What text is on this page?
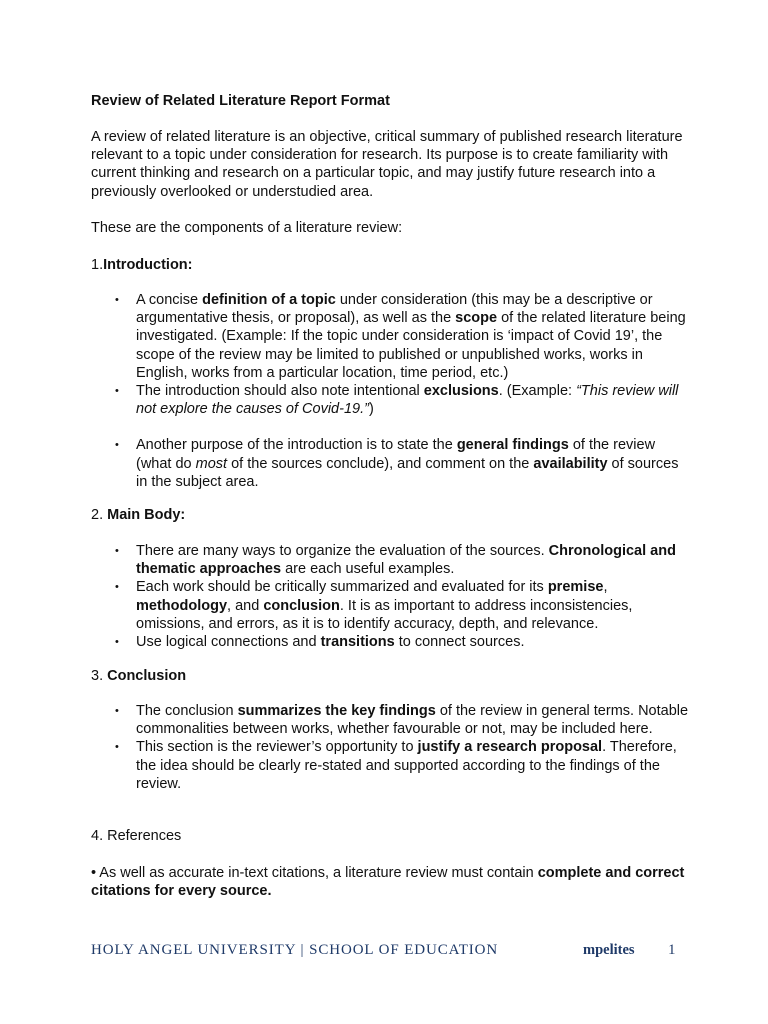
Review of Related Literature Report Format
A review of related literature is an objective, critical summary of published research literature relevant to a topic under consideration for research. Its purpose is to create familiarity with current thinking and research on a particular topic, and may justify future research into a previously overlooked or understudied area.
These are the components of a literature review:
1.Introduction:
• A concise definition of a topic under consideration (this may be a descriptive or argumentative thesis, or proposal), as well as the scope of the related literature being investigated. (Example: If the topic under consideration is ‘impact of Covid 19’, the scope of the review may be limited to published or unpublished works, works in English, works from a particular location, time period, etc.)
• The introduction should also note intentional exclusions. (Example: “This review will not explore the causes of Covid-19.”)
• Another purpose of the introduction is to state the general findings of the review (what do most of the sources conclude), and comment on the availability of sources in the subject area.
2. Main Body:
• There are many ways to organize the evaluation of the sources. Chronological and thematic approaches are each useful examples.
• Each work should be critically summarized and evaluated for its premise, methodology, and conclusion. It is as important to address inconsistencies, omissions, and errors, as it is to identify accuracy, depth, and relevance.
• Use logical connections and transitions to connect sources.
3. Conclusion
• The conclusion summarizes the key findings of the review in general terms. Notable commonalities between works, whether favourable or not, may be included here.
• This section is the reviewer’s opportunity to justify a research proposal. Therefore, the idea should be clearly re-stated and supported according to the findings of the review.
4. References
• As well as accurate in-text citations, a literature review must contain complete and correct citations for every source.
HOLY ANGEL UNIVERSITY | SCHOOL OF EDUCATION	mpelites 1
